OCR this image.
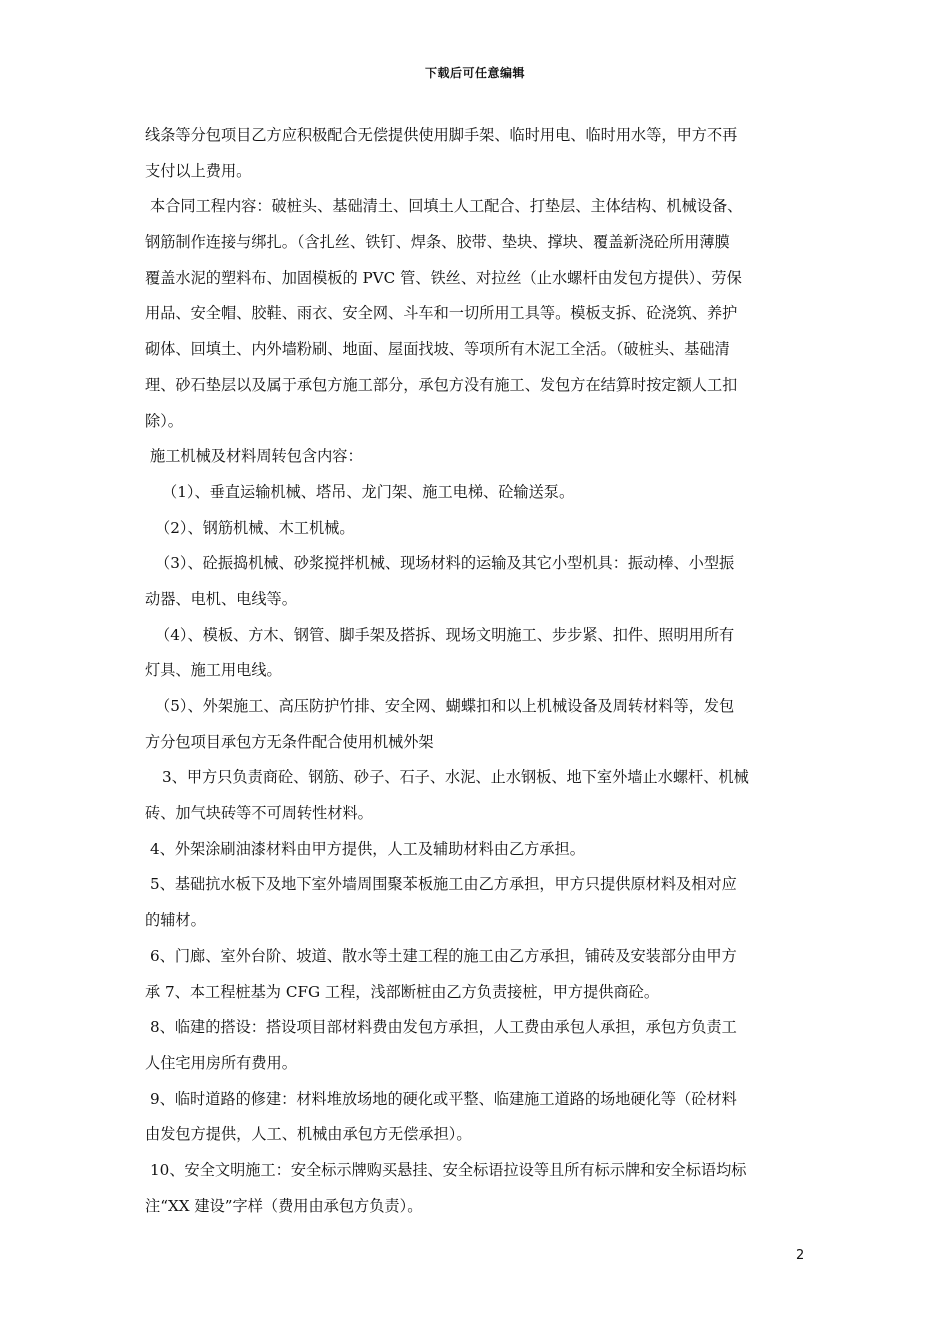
下载后可任意编辑
线条等分包项目乙方应积极配合无偿提供使用脚手架、临时用电、临时用水等，甲方不再
支付以上费用。
本合同工程内容：破桩头、基础清土、回填土人工配合、打垫层、主体结构、机械设备、
钢筋制作连接与绑扎。（含扎丝、铁钉、焊条、胶带、垫块、撑块、覆盖新浇砼所用薄膜
覆盖水泥的塑料布、加固模板的 PVC 管、铁丝、对拉丝（止水螺杆由发包方提供）、劳保
用品、安全帽、胶鞋、雨衣、安全网、斗车和一切所用工具等。模板支拆、砼浇筑、养护
砌体、回填土、内外墙粉刷、地面、屋面找坡、等项所有木泥工全活。（破桩头、基础清
理、砂石垫层以及属于承包方施工部分，承包方没有施工、发包方在结算时按定额人工扣
除）。
施工机械及材料周转包含内容：
（1）、垂直运输机械、塔吊、龙门架、施工电梯、砼输送泵。
（2）、钢筋机械、木工机械。
（3）、砼振捣机械、砂浆搅拌机械、现场材料的运输及其它小型机具：振动棒、小型振
动器、电机、电线等。
（4）、模板、方木、钢管、脚手架及搭拆、现场文明施工、步步紧、扣件、照明用所有
灯具、施工用电线。
（5）、外架施工、高压防护竹排、安全网、蝴蝶扣和以上机械设备及周转材料等，发包
方分包项目承包方无条件配合使用机械外架
3、甲方只负责商砼、钢筋、砂子、石子、水泥、止水钢板、地下室外墙止水螺杆、机械
砖、加气块砖等不可周转性材料。
4、外架涂刷油漆材料由甲方提供，人工及辅助材料由乙方承担。
5、基础抗水板下及地下室外墙周围聚苯板施工由乙方承担，甲方只提供原材料及相对应
的辅材。
6、门廊、室外台阶、坡道、散水等土建工程的施工由乙方承担，铺砖及安装部分由甲方
承 7、本工程桩基为 CFG 工程，浅部断桩由乙方负责接桩，甲方提供商砼。
8、临建的搭设：搭设项目部材料费由发包方承担，人工费由承包人承担，承包方负责工
人住宅用房所有费用。
9、临时道路的修建：材料堆放场地的硬化或平整、临建施工道路的场地硬化等（砼材料
由发包方提供，人工、机械由承包方无偿承担）。
10、安全文明施工：安全标示牌购买悬挂、安全标语拉设等且所有标示牌和安全标语均标
注“XX 建设”字样（费用由承包方负责）。
2
